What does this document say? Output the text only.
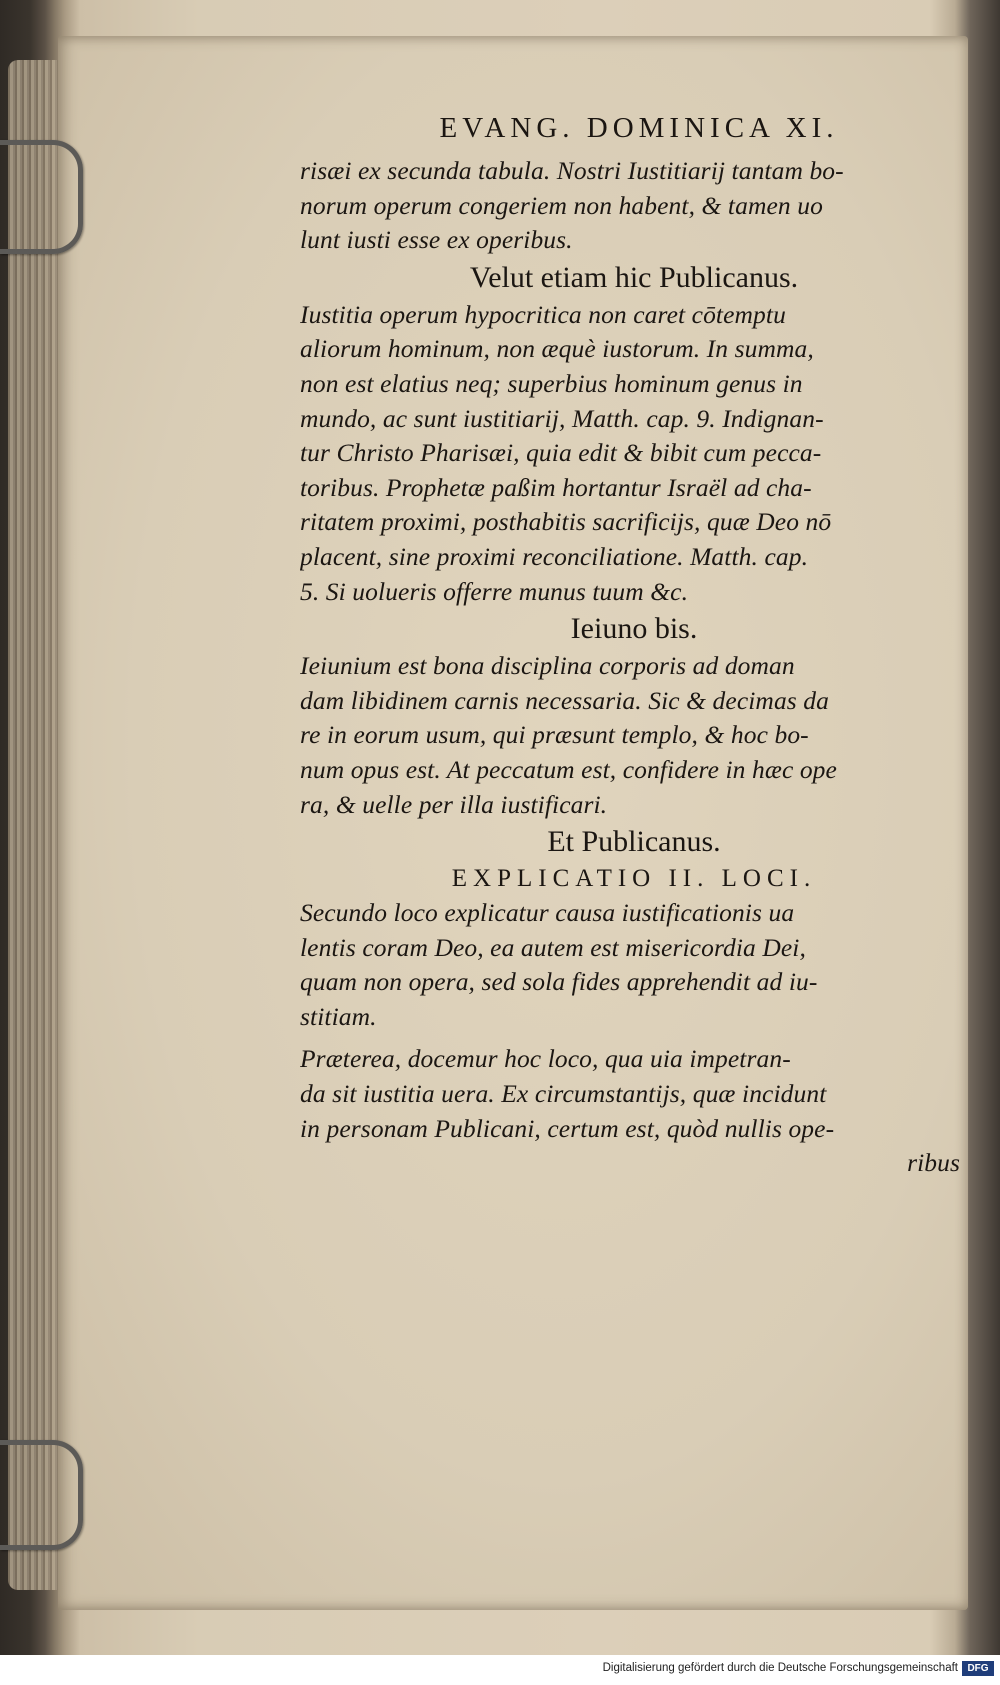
EVANG. DOMINICA XI.
risæi ex secunda tabula. Nostri Iustitiarij tantam bo-
norum operum congeriem non habent, & tamen uo
lunt iusti esse ex operibus.
Velut etiam hic Publicanus.
Iustitia operum hypocritica non caret cōtemptu
aliorum hominum, non æquè iustorum. In summa,
non est elatius neq; superbius hominum genus in
mundo, ac sunt iustitiarij, Matth. cap. 9. Indignan-
tur Christo Pharisæi, quia edit & bibit cum pecca-
toribus. Prophetæ paßim hortantur Israël ad cha-
ritatem proximi, posthabitis sacrificijs, quæ Deo nō
placent, sine proximi reconciliatione. Matth. cap.
5. Si uolueris offerre munus tuum &c.
Ieiuno bis.
Ieiunium est bona disciplina corporis ad doman
dam libidinem carnis necessaria. Sic & decimas da
re in eorum usum, qui præsunt templo, & hoc bo-
num opus est. At peccatum est, confidere in hæc ope
ra, & uelle per illa iustificari.
Et Publicanus.
EXPLICATIO II. LOCI.
Secundo loco explicatur causa iustificationis ua
lentis coram Deo, ea autem est misericordia Dei,
quam non opera, sed sola fides apprehendit ad iu-
stitiam.
Præterea, docemur hoc loco, qua uia impetran-
da sit iustitia uera. Ex circumstantijs, quæ incidunt
in personam Publicani, certum est, quòd nullis ope-
ribus
Digitalisierung gefördert durch die Deutsche Forschungsgemeinschaft DFG
